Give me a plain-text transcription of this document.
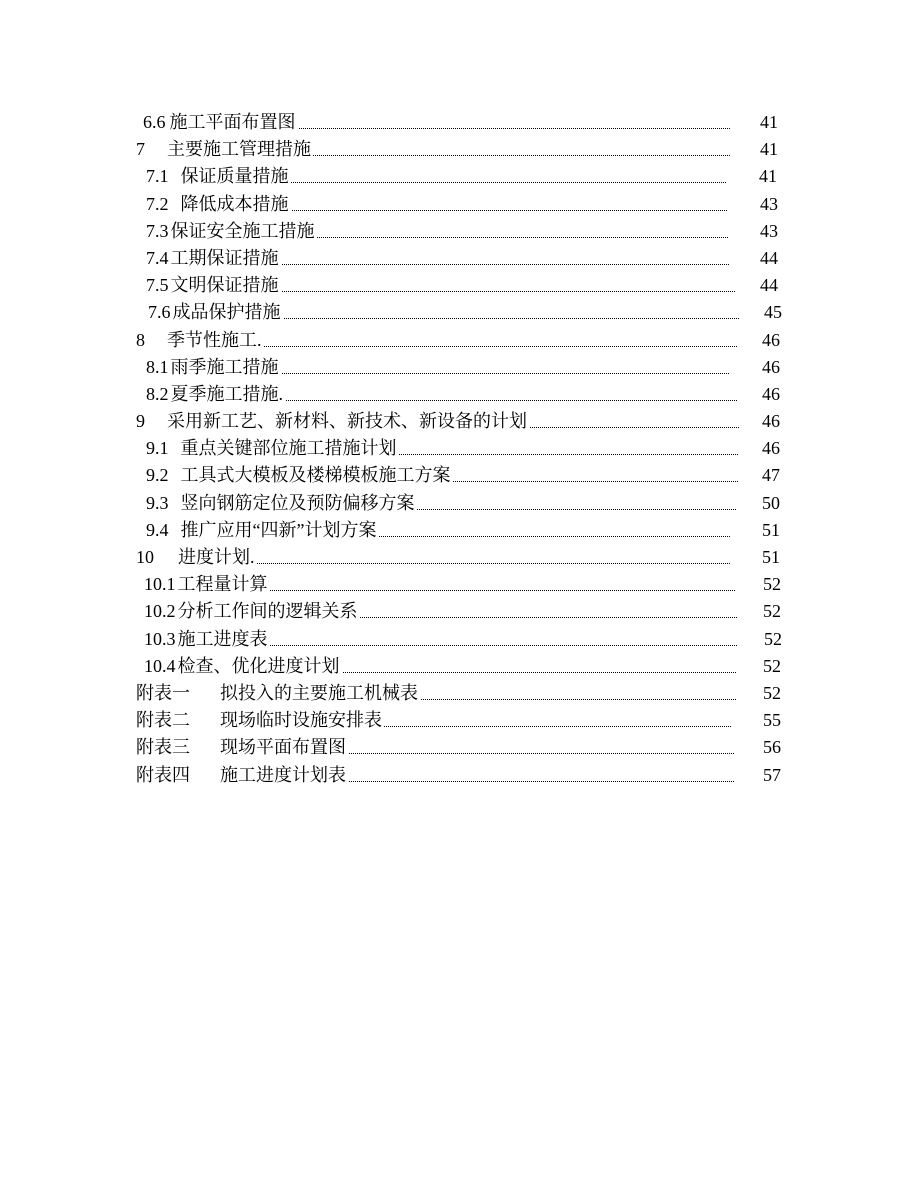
6.6 施工平面布置图	41
7 主要施工管理措施	41
7.1 保证质量措施	41
7.2 降低成本措施	43
7.3 保证安全施工措施	43
7.4 工期保证措施	44
7.5 文明保证措施	44
7.6 成品保护措施	45
8 季节性施工.	46
8.1 雨季施工措施	46
8.2 夏季施工措施.	46
9 采用新工艺、新材料、新技术、新设备的计划	46
9.1 重点关键部位施工措施计划	46
9.2 工具式大模板及楼梯模板施工方案	47
9.3 竖向钢筋定位及预防偏移方案	50
9.4 推广应用“四新”计划方案	51
10 进度计划.	51
10.1 工程量计算	52
10.2 分析工作间的逻辑关系	52
10.3 施工进度表	52
10.4 检查、优化进度计划	52
附表一 拟投入的主要施工机械表	52
附表二 现场临时设施安排表	55
附表三 现场平面布置图	56
附表四 施工进度计划表	57
